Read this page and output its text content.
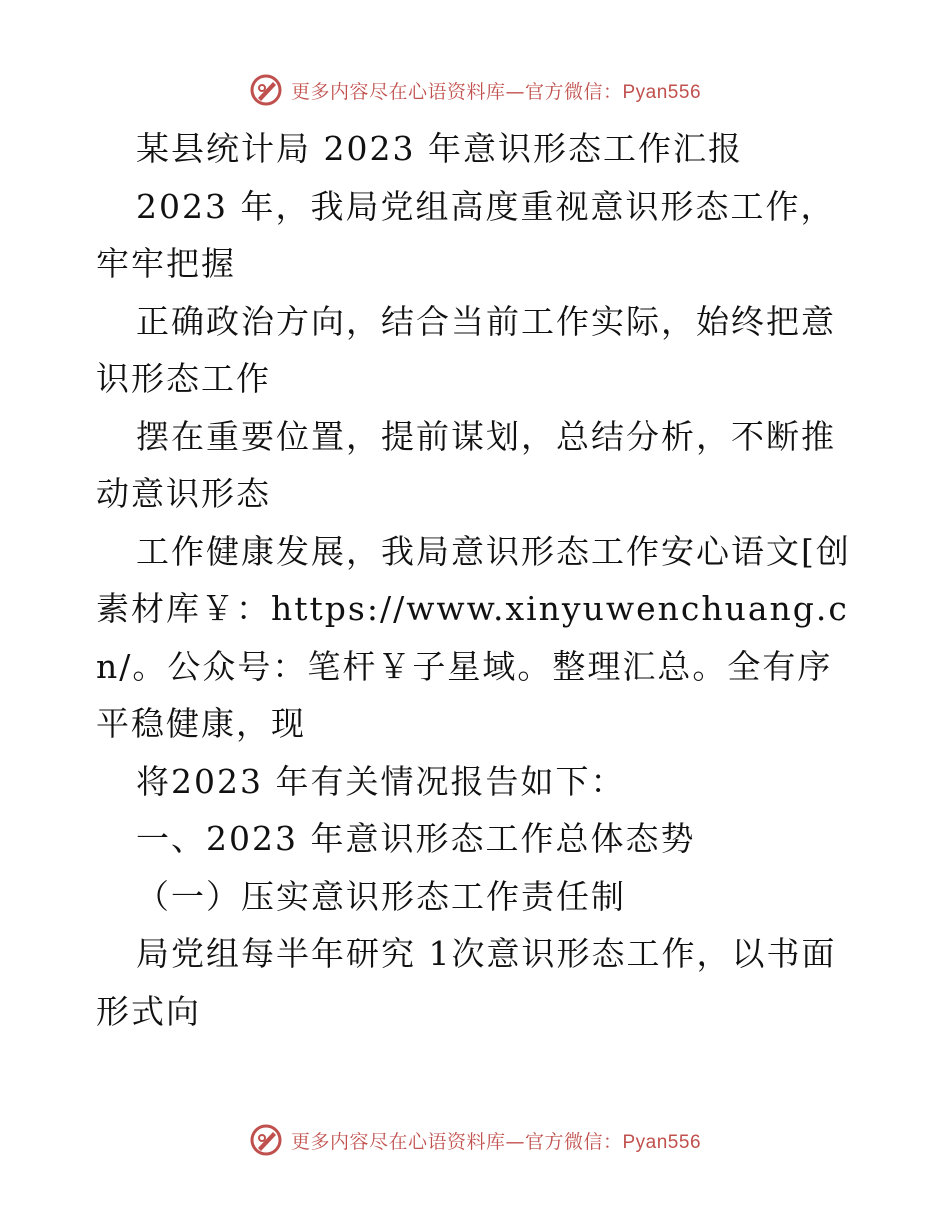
更多内容尽在心语资料库—官方微信：Pyan556

某县统计局 2023 年意识形态工作汇报

2023 年，我局党组高度重视意识形态工作，牢牢把握

正确政治方向，结合当前工作实际，始终把意识形态工作

摆在重要位置，提前谋划，总结分析，不断推动意识形态

工作健康发展，我局意识形态工作安心语文[创素材库￥：https://www.xinyuwenchuang.cn/。公众号：笔杆￥子星域。整理汇总。全有序平稳健康，现

将2023 年有关情况报告如下：

一、2023 年意识形态工作总体态势

（一）压实意识形态工作责任制

局党组每半年研究 1次意识形态工作，以书面形式向

更多内容尽在心语资料库—官方微信：Pyan556
